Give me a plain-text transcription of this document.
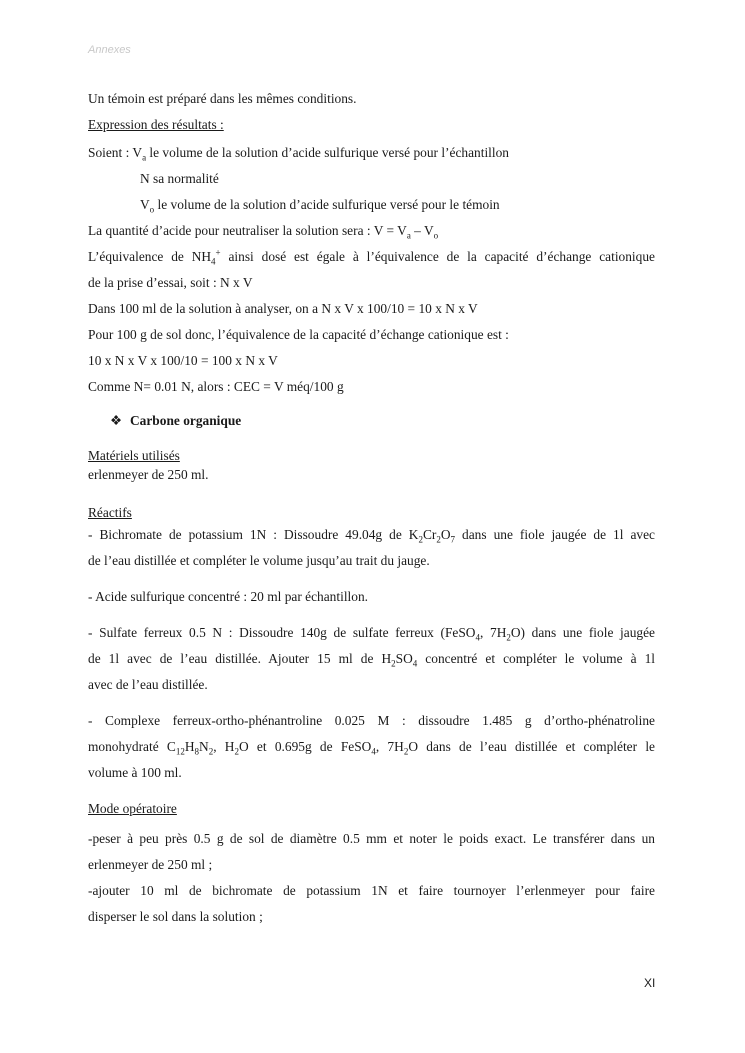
Annexes
Un témoin est préparé dans les mêmes conditions.
Expression des résultats :
Soient : $V_a$ le volume de la solution d’acide sulfurique versé pour l’échantillon
N sa normalité
$V_o$ le volume de la solution d’acide sulfurique versé pour le témoin
La quantité d’acide pour neutraliser la solution sera : $V = V_a - V_o$
L’équivalence de $NH_4^+$ ainsi dosé est égale à l’équivalence de la capacité d’échange cationique
de la prise d’essai, soit : N x V
Dans 100 ml de la solution à analyser, on a N x V x 100/10 = 10 x N x V
Pour 100 g de sol donc, l’équivalence de la capacité d’échange cationique est :
10 x N x V x 100/10 = 100 x N x V
Comme N= 0.01 N, alors : CEC = V méq/100 g
❖ Carbone organique
Matériels utilisés
erlenmeyer de 250 ml.
Réactifs
- Bichromate de potassium 1N : Dissoudre 49.04g de $K_2Cr_2O_7$ dans une fiole jaugée de 1l avec
de l’eau distillée et compléter le volume jusqu’au trait du jauge.
- Acide sulfurique concentré : 20 ml par échantillon.
- Sulfate ferreux 0.5 N : Dissoudre 140g de sulfate ferreux (FeSO$_4$, $7H_2O$) dans une fiole jaugée
de 1l avec de l’eau distillée. Ajouter 15 ml de $H_2SO_4$ concentré et compléter le volume à 1l
avec de l’eau distillée.
- Complexe ferreux-ortho-phénantroline 0.025 M : dissoudre 1.485 g d’ortho-phénatroline
monohydraté $C_{12}H_8N_2$, $H_2O$ et 0.695g de FeSO$_4$, $7H_2O$ dans de l’eau distillée et compléter le
volume à 100 ml.
Mode opératoire
-peser à peu près 0.5 g de sol de diamètre 0.5 mm et noter le poids exact. Le transférer dans un
erlenmeyer de 250 ml ;
-ajouter 10 ml de bichromate de potassium 1N et faire tournoyer l’erlenmeyer pour faire
disperser le sol dans la solution ;
XI
